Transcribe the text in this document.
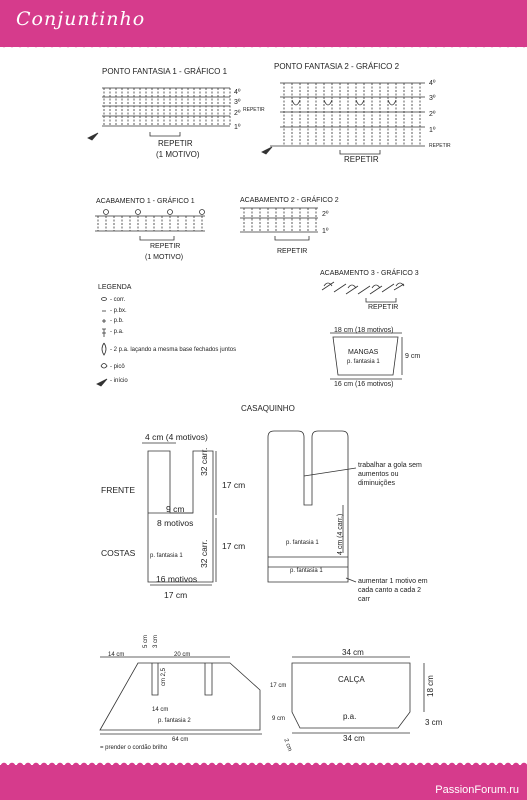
Conjuntinho
PONTO FANTASIA 1 - GRÁFICO 1
4º
3º
2º
1º
REPETIR
REPETIR
(1 MOTIVO)
PONTO FANTASIA 2 - GRÁFICO 2
4º
3º
2º
1º
REPETIR
REPETIR
ACABAMENTO 1 - GRÁFICO 1
REPETIR
(1 MOTIVO)
ACABAMENTO 2 - GRÁFICO 2
2º
1º
REPETIR
ACABAMENTO 3 - GRÁFICO 3
REPETIR
LEGENDA
- corr.
- p.bx.
- p.b.
- p.a.
- 2 p.a. laçando a mesma base fechados juntos
- picô
- início
18 cm (18 motivos)
MANGAS
p. fantasia 1
9 cm
16 cm (16 motivos)
CASAQUINHO
4 cm (4 motivos)
FRENTE
COSTAS
32 carr.
32 carr.
17 cm
17 cm
9 cm
8 motivos
p. fantasia 1
16 motivos
17 cm
trabalhar a gola sem aumentos ou diminuições
4 cm (4 carr.)
p. fantasia 1
p. fantasia 1
aumentar 1 motivo em cada canto a cada 2 carr
14 cm
5 cm 3 cm
20 cm
cm 2,5
14 cm
p. fantasia 2
64 cm
= prender o cordão brilho
34 cm
CALÇA
p.a.
17 cm	18 cm
9 cm	3 cm
34 cm
2 cm
PassionForum.ru
